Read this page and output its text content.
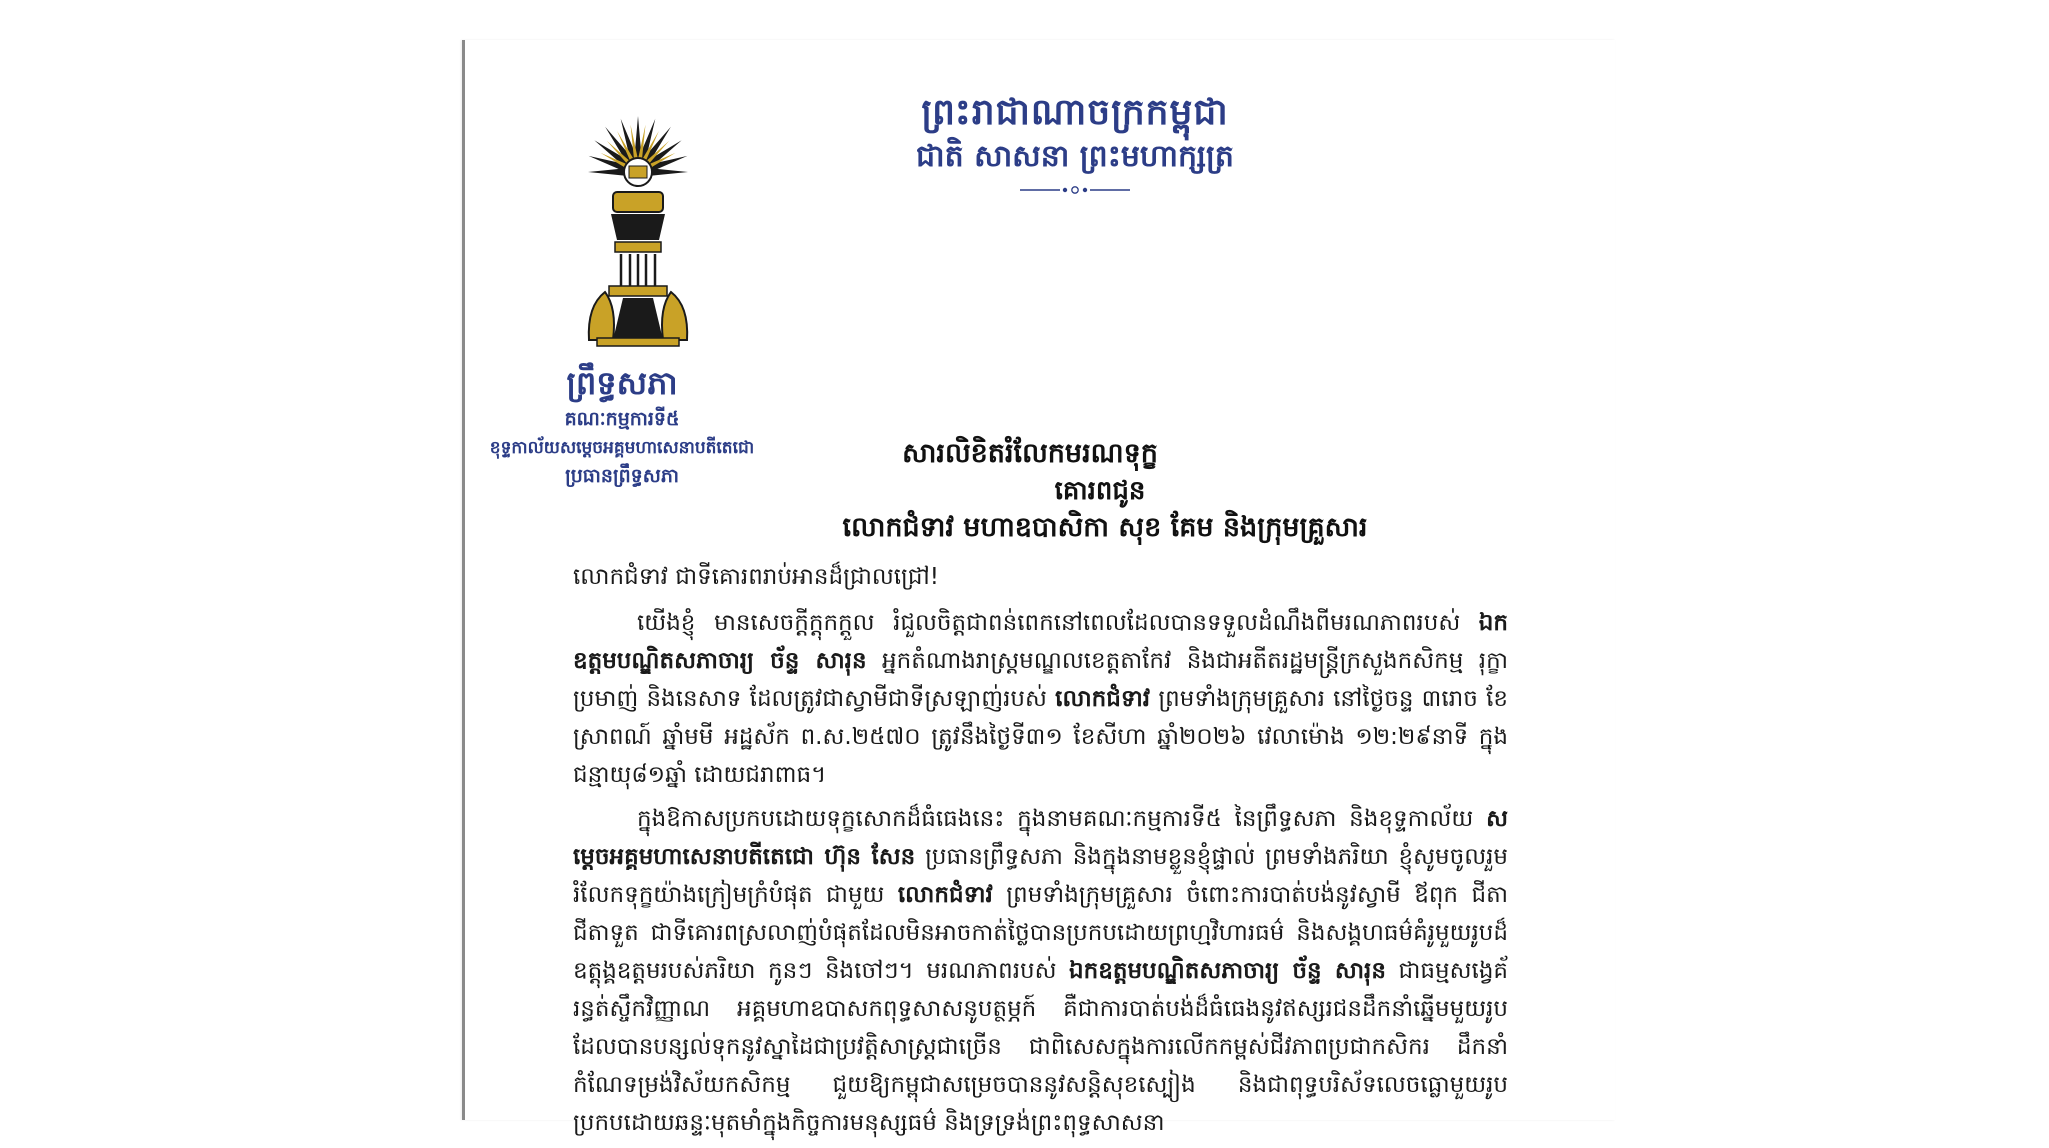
ព្រះរាជាណាចក្រកម្ពុជា
ជាតិ សាសនា ព្រះមហាក្សត្រ
ព្រឹទ្ធសភា
គណៈកម្មការទី៥
ខុទ្ទកាល័យសម្តេចអគ្គមហាសេនាបតីតេជោ
ប្រធានព្រឹទ្ធសភា
សារលិខិតរំលែកមរណទុក្ខ
គោរពជូន
លោកជំទាវ មហាឧបាសិកា សុខ គែម និងក្រុមគ្រួសារ

លោកជំទាវ ជាទីគោរពរាប់អានដ៏ជ្រាលជ្រៅ!

យើងខ្ញុំ មានសេចក្តីក្តុកក្តួល រំជួលចិត្តជាពន់ពេកនៅពេលដែលបានទទួលដំណឹងពីមរណភាពរបស់ ឯកឧត្តមបណ្ឌិតសភាចារ្យ ច័ន្ទ សារុន អ្នកតំណាងរាស្ត្រមណ្ឌលខេត្តតាកែវ និងជាអតីតរដ្ឋមន្ត្រីក្រសួងកសិកម្ម រុក្ខាប្រមាញ់ និងនេសាទ ដែលត្រូវជាស្វាមីជាទីស្រឡាញ់របស់ លោកជំទាវ ព្រមទាំងក្រុមគ្រួសារ នៅថ្ងៃចន្ទ ៣រោច ខែស្រាពណ៍ ឆ្នាំមមី អដ្ឋស័ក ព.ស.២៥៧០ ត្រូវនឹងថ្ងៃទី៣១ ខែសីហា ឆ្នាំ២០២៦ វេលាម៉ោង ១២:២៩នាទី ក្នុងជន្មាយុ៨១ឆ្នាំ ដោយជរាពាធ។

ក្នុងឱកាសប្រកបដោយទុក្ខសោកដ៏ធំធេងនេះ ក្នុងនាមគណៈកម្មការទី៥ នៃព្រឹទ្ធសភា និងខុទ្ទកាល័យ សម្តេចអគ្គមហាសេនាបតីតេជោ ហ៊ុន សែន ប្រធានព្រឹទ្ធសភា និងក្នុងនាមខ្លួនខ្ញុំផ្ទាល់ ព្រមទាំងភរិយា ខ្ញុំសូមចូលរួមរំលែកទុក្ខយ៉ាងក្រៀមក្រំបំផុត ជាមួយ លោកជំទាវ ព្រមទាំងក្រុមគ្រួសារ ចំពោះការបាត់បង់នូវស្វាមី ឪពុក ជីតា ជីតាទួត ជាទីគោរពស្រលាញ់បំផុតដែលមិនអាចកាត់ថ្លៃបានប្រកបដោយព្រហ្មវិហារធម៌ និងសង្គហធម៌គំរូមួយរូបដ៏ឧត្តុង្គឧត្តមរបស់ភរិយា កូនៗ និងចៅៗ។ មរណភាពរបស់ ឯកឧត្តមបណ្ឌិតសភាចារ្យ ច័ន្ទ សារុន ជាធម្មសង្វេគ័រន្ធត់ស្ចឹកវិញ្ញាណ អគ្គមហាឧបាសកពុទ្ធសាសនូបត្ថម្ភក៍ គឺជាការបាត់បង់ដ៏ធំធេងនូវឥស្សរជនដឹកនាំឆ្នើមមួយរូប ដែលបានបន្សល់ទុកនូវស្នាដៃជាប្រវត្តិសាស្ត្រជាច្រើន ជាពិសេសក្នុងការលើកកម្ពស់ជីវភាពប្រជាកសិករ ដឹកនាំកំណែទម្រង់វិស័យកសិកម្ម ជួយឱ្យកម្ពុជាសម្រេចបាននូវសន្តិសុខស្បៀង និងជាពុទ្ធបរិស័ទលេចធ្លោមួយរូប ប្រកបដោយឆន្ទៈមុតមាំក្នុងកិច្ចការមនុស្សធម៌ និងទ្រទ្រង់ព្រះពុទ្ធសាសនា
